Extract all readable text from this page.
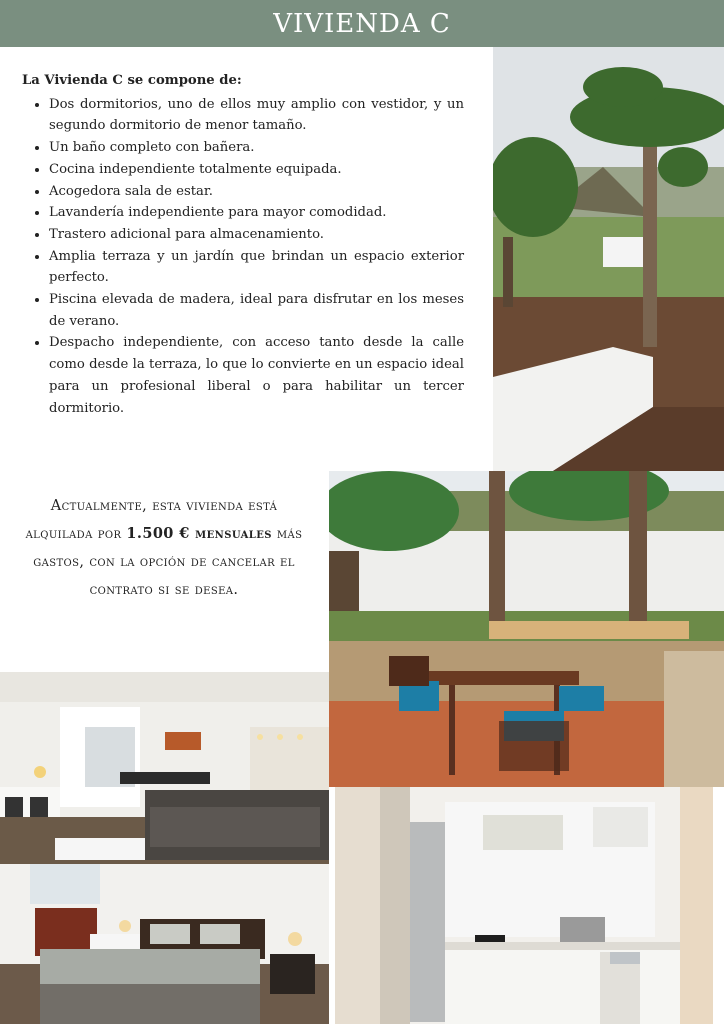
VIVIENDA C

La Vivienda C se compone de:

• Dos dormitorios, uno de ellos muy amplio con vestidor, y un segundo dormitorio de menor tamaño.
• Un baño completo con bañera.
• Cocina independiente totalmente equipada.
• Acogedora sala de estar.
• Lavandería independiente para mayor comodidad.
• Trastero adicional para almacenamiento.
• Amplia terraza y un jardín que brindan un espacio exterior perfecto.
• Piscina elevada de madera, ideal para disfrutar en los meses de verano.
• Despacho independiente, con acceso tanto desde la calle como desde la terraza, lo que lo convierte en un espacio ideal para un profesional liberal o para habilitar un tercer dormitorio.
Actualmente, esta vivienda está alquilada por 1.500 € mensuales más gastos, con la opción de cancelar el contrato si se desea.
